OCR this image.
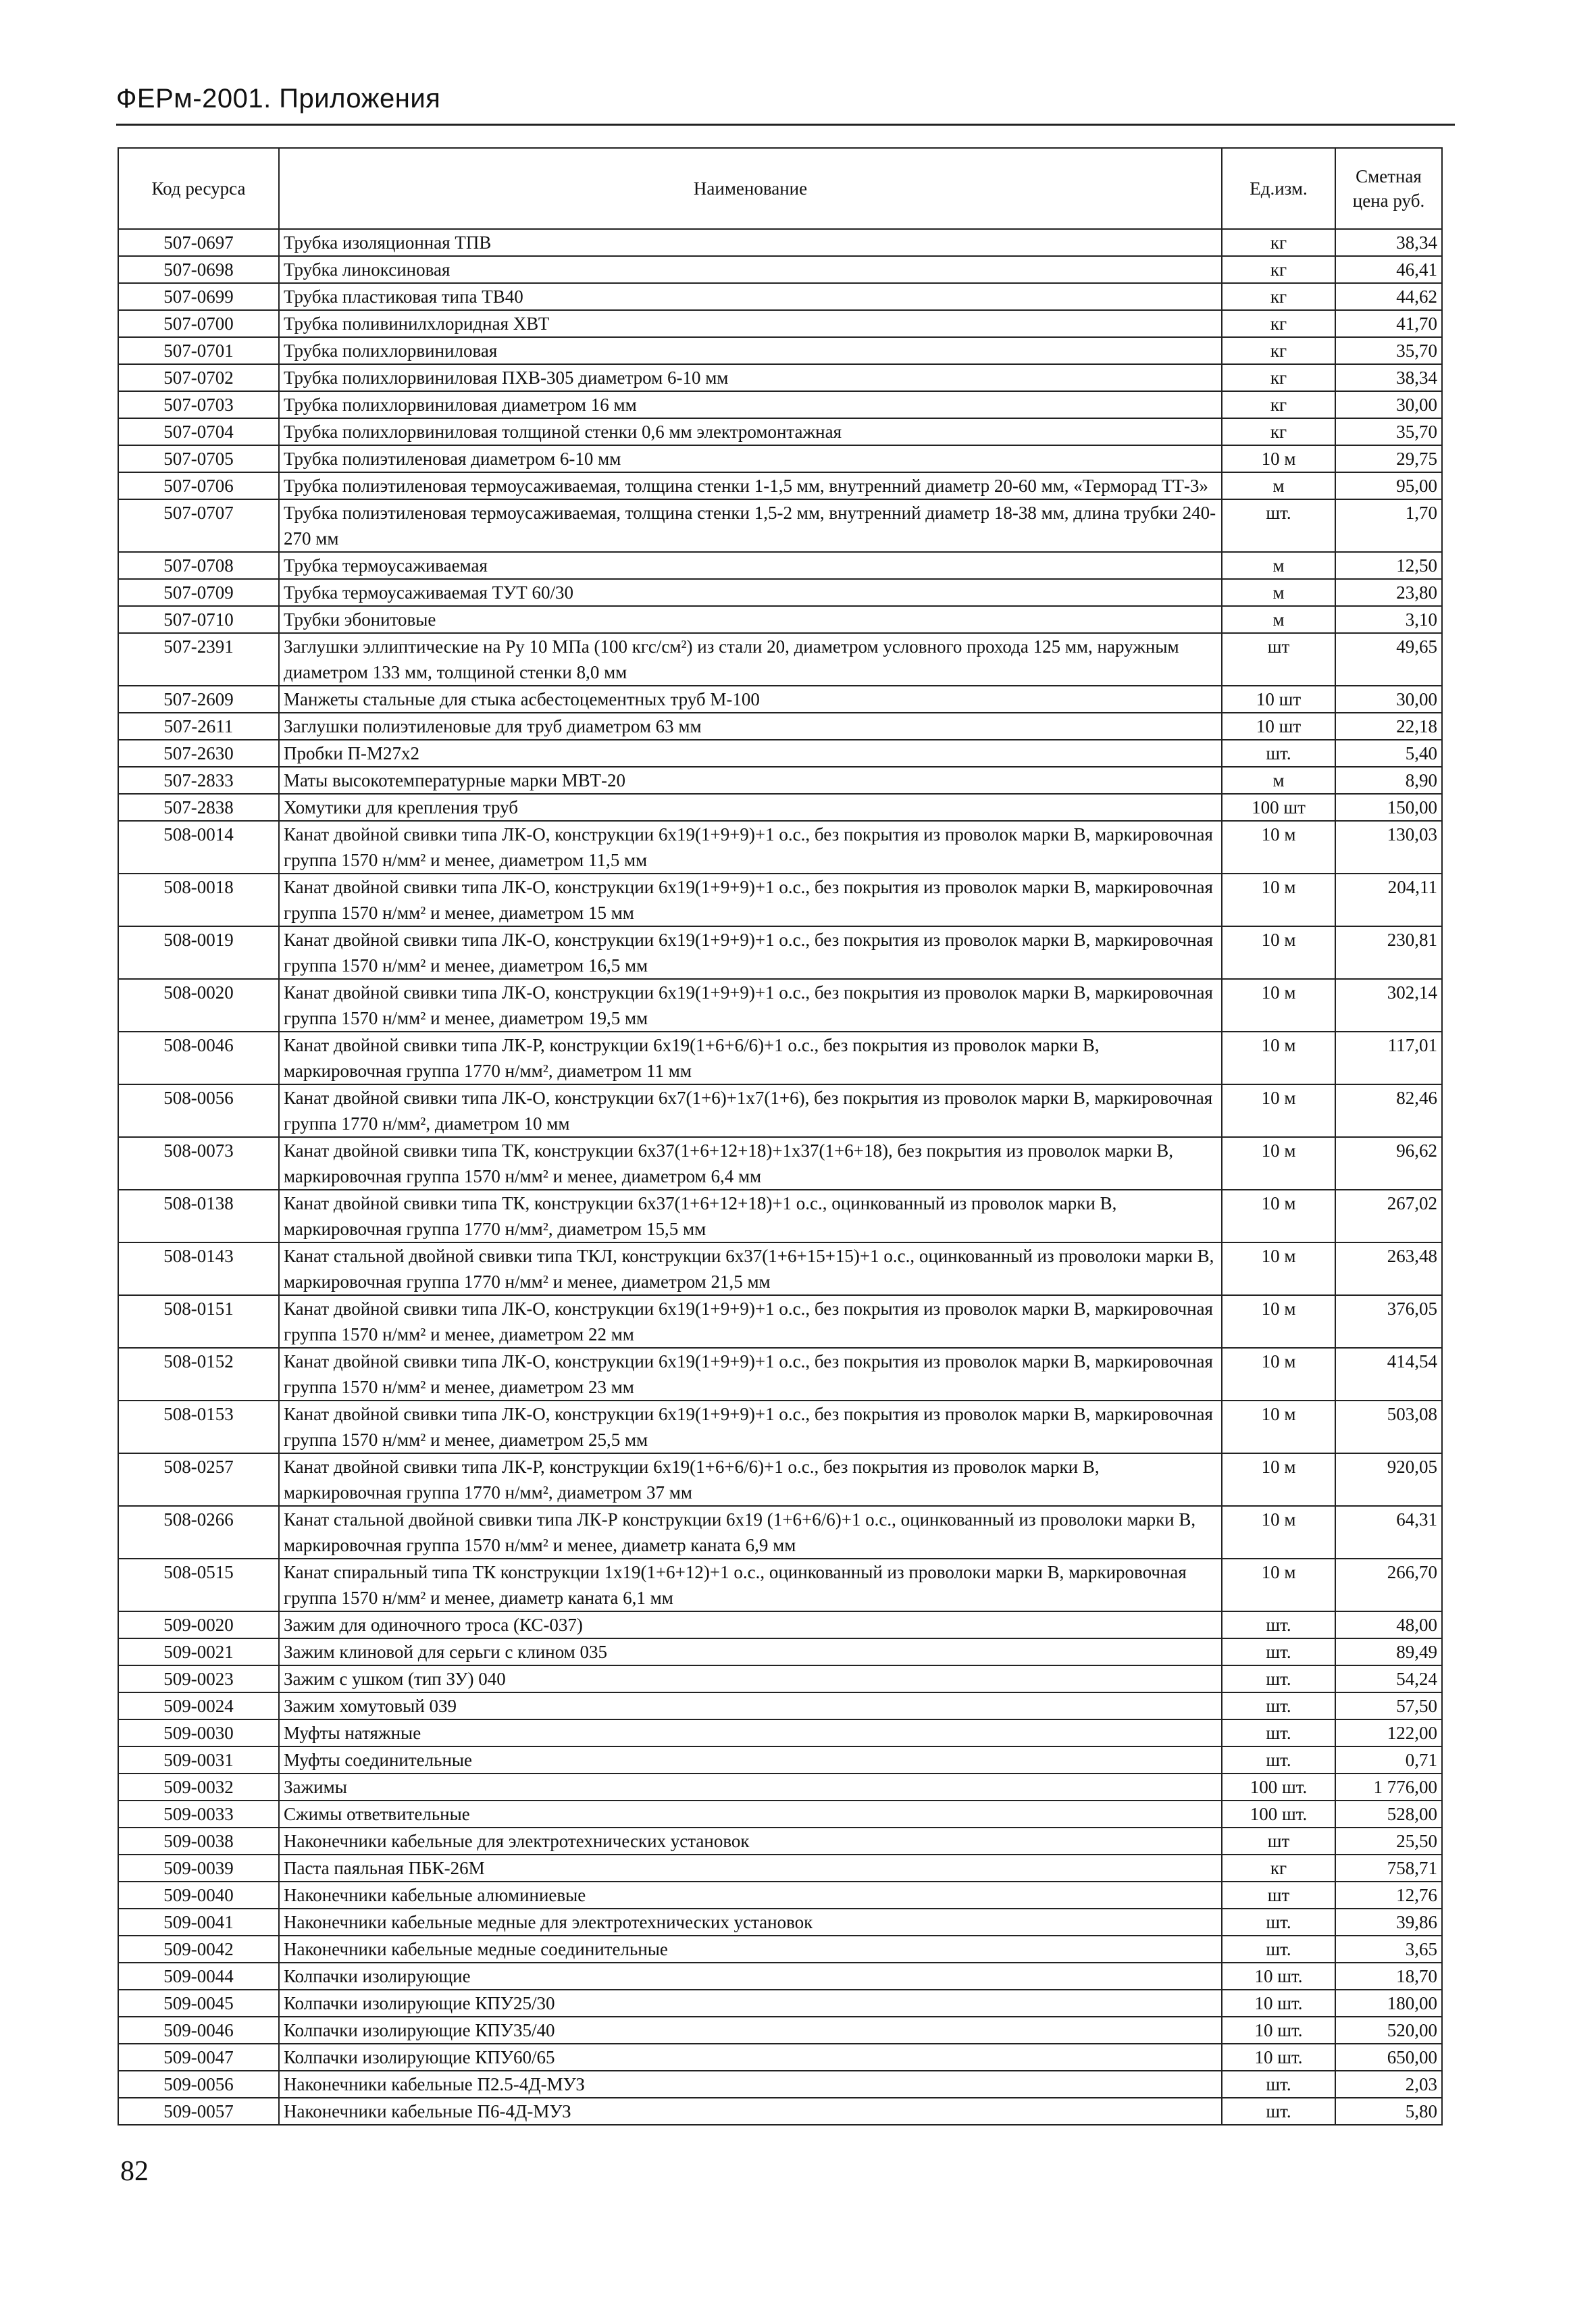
ФЕРм-2001. Приложения
Код ресурса	Наименование	Ед.изм.	Сметная цена руб.
507-0697	Трубка изоляционная ТПВ	кг	38,34
507-0698	Трубка линоксиновая	кг	46,41
507-0699	Трубка пластиковая типа ТВ40	кг	44,62
507-0700	Трубка поливинилхлоридная ХВТ	кг	41,70
507-0701	Трубка полихлорвиниловая	кг	35,70
507-0702	Трубка полихлорвиниловая ПХВ-305 диаметром 6-10 мм	кг	38,34
507-0703	Трубка полихлорвиниловая диаметром 16 мм	кг	30,00
507-0704	Трубка полихлорвиниловая толщиной стенки 0,6 мм электромонтажная	кг	35,70
507-0705	Трубка полиэтиленовая диаметром 6-10 мм	10 м	29,75
507-0706	Трубка полиэтиленовая термоусаживаемая, толщина стенки 1-1,5 мм, внутренний диаметр 20-60 мм, «Терморад ТТ-3»	м	95,00
507-0707	Трубка полиэтиленовая термоусаживаемая, толщина стенки 1,5-2 мм, внутренний диаметр 18-38 мм, длина трубки 240-270 мм	шт.	1,70
507-0708	Трубка термоусаживаемая	м	12,50
507-0709	Трубка термоусаживаемая ТУТ 60/30	м	23,80
507-0710	Трубки эбонитовые	м	3,10
507-2391	Заглушки эллиптические на Ру 10 МПа (100 кгс/см²) из стали 20, диаметром условного прохода 125 мм, наружным диаметром 133 мм, толщиной стенки 8,0 мм	шт	49,65
507-2609	Манжеты стальные для стыка асбестоцементных труб М-100	10 шт	30,00
507-2611	Заглушки полиэтиленовые для труб диаметром 63 мм	10 шт	22,18
507-2630	Пробки П-М27х2	шт.	5,40
507-2833	Маты высокотемпературные марки МВТ-20	м	8,90
507-2838	Хомутики для крепления труб	100 шт	150,00
508-0014	Канат двойной свивки типа ЛК-О, конструкции 6х19(1+9+9)+1 о.с., без покрытия из проволок марки В, маркировочная группа 1570 н/мм² и менее, диаметром 11,5 мм	10 м	130,03
508-0018	Канат двойной свивки типа ЛК-О, конструкции 6х19(1+9+9)+1 о.с., без покрытия из проволок марки В, маркировочная группа 1570 н/мм² и менее, диаметром 15 мм	10 м	204,11
508-0019	Канат двойной свивки типа ЛК-О, конструкции 6х19(1+9+9)+1 о.с., без покрытия из проволок марки В, маркировочная группа 1570 н/мм² и менее, диаметром 16,5 мм	10 м	230,81
508-0020	Канат двойной свивки типа ЛК-О, конструкции 6х19(1+9+9)+1 о.с., без покрытия из проволок марки В, маркировочная группа 1570 н/мм² и менее, диаметром 19,5 мм	10 м	302,14
508-0046	Канат двойной свивки типа ЛК-Р, конструкции 6х19(1+6+6/6)+1 о.с., без покрытия из проволок марки В, маркировочная группа 1770 н/мм², диаметром 11 мм	10 м	117,01
508-0056	Канат двойной свивки типа ЛК-О, конструкции 6х7(1+6)+1х7(1+6), без покрытия из проволок марки В, маркировочная группа 1770 н/мм², диаметром 10 мм	10 м	82,46
508-0073	Канат двойной свивки типа ТК, конструкции 6х37(1+6+12+18)+1х37(1+6+18), без покрытия из проволок марки В, маркировочная группа 1570 н/мм² и менее, диаметром 6,4 мм	10 м	96,62
508-0138	Канат двойной свивки типа ТК, конструкции 6х37(1+6+12+18)+1 о.с., оцинкованный из проволок марки В, маркировочная группа 1770 н/мм², диаметром 15,5 мм	10 м	267,02
508-0143	Канат стальной двойной свивки типа ТКЛ, конструкции 6х37(1+6+15+15)+1 о.с., оцинкованный из проволоки марки В, маркировочная группа 1770 н/мм² и менее, диаметром 21,5 мм	10 м	263,48
508-0151	Канат двойной свивки типа ЛК-О, конструкции 6х19(1+9+9)+1 о.с., без покрытия из проволок марки В, маркировочная группа 1570 н/мм² и менее, диаметром 22 мм	10 м	376,05
508-0152	Канат двойной свивки типа ЛК-О, конструкции 6х19(1+9+9)+1 о.с., без покрытия из проволок марки В, маркировочная группа 1570 н/мм² и менее, диаметром 23 мм	10 м	414,54
508-0153	Канат двойной свивки типа ЛК-О, конструкции 6х19(1+9+9)+1 о.с., без покрытия из проволок марки В, маркировочная группа 1570 н/мм² и менее, диаметром 25,5 мм	10 м	503,08
508-0257	Канат двойной свивки типа ЛК-Р, конструкции 6х19(1+6+6/6)+1 о.с., без покрытия из проволок марки В, маркировочная группа 1770 н/мм², диаметром 37 мм	10 м	920,05
508-0266	Канат стальной двойной свивки типа ЛК-Р конструкции 6х19 (1+6+6/6)+1 о.с., оцинкованный из проволоки марки В, маркировочная группа 1570 н/мм² и менее, диаметр каната 6,9 мм	10 м	64,31
508-0515	Канат спиральный типа ТК конструкции 1х19(1+6+12)+1 о.с., оцинкованный из проволоки марки В, маркировочная группа 1570 н/мм² и менее, диаметр каната 6,1 мм	10 м	266,70
509-0020	Зажим для одиночного троса (КС-037)	шт.	48,00
509-0021	Зажим клиновой для серьги с клином 035	шт.	89,49
509-0023	Зажим с ушком (тип ЗУ) 040	шт.	54,24
509-0024	Зажим хомутовый 039	шт.	57,50
509-0030	Муфты натяжные	шт.	122,00
509-0031	Муфты соединительные	шт.	0,71
509-0032	Зажимы	100 шт.	1 776,00
509-0033	Сжимы ответвительные	100 шт.	528,00
509-0038	Наконечники кабельные для электротехнических установок	шт	25,50
509-0039	Паста паяльная ПБК-26М	кг	758,71
509-0040	Наконечники кабельные алюминиевые	шт	12,76
509-0041	Наконечники кабельные медные для электротехнических установок	шт.	39,86
509-0042	Наконечники кабельные медные соединительные	шт.	3,65
509-0044	Колпачки изолирующие	10 шт.	18,70
509-0045	Колпачки изолирующие КПУ25/30	10 шт.	180,00
509-0046	Колпачки изолирующие КПУ35/40	10 шт.	520,00
509-0047	Колпачки изолирующие КПУ60/65	10 шт.	650,00
509-0056	Наконечники кабельные П2.5-4Д-МУЗ	шт.	2,03
509-0057	Наконечники кабельные П6-4Д-МУЗ	шт.	5,80
82
